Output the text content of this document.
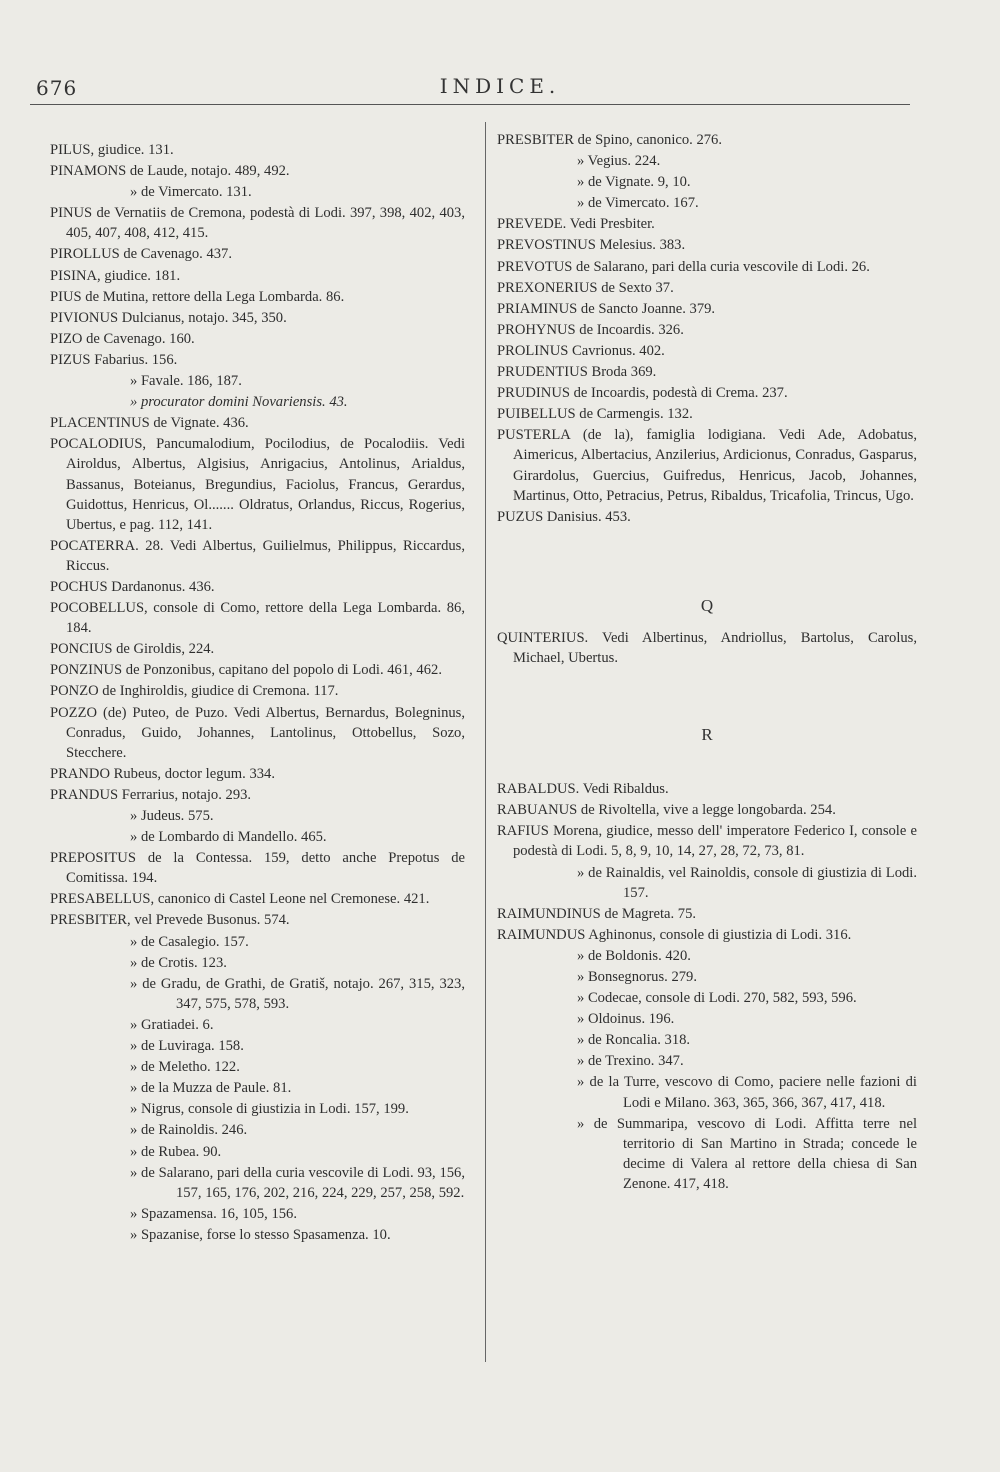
676	INDICE.

PILUS, giudice. 131.

PINAMONS de Laude, notajo. 489, 492.

» de Vimercato. 131.

PINUS de Vernatiis de Cremona, podestà di Lodi. 397, 398, 402, 403, 405, 407, 408, 412, 415.

PIROLLUS de Cavenago. 437.

PISINA, giudice. 181.

PIUS de Mutina, rettore della Lega Lombarda. 86.

PIVIONUS Dulcianus, notajo. 345, 350.

PIZO de Cavenago. 160.

PIZUS Fabarius. 156.

» Favale. 186, 187.

» procurator domini Novariensis. 43.

PLACENTINUS de Vignate. 436.

POCALODIUS, Pancumalodium, Pocilodius, de Pocalodiis. Vedi Airoldus, Albertus, Algisius, Anrigacius, Antolinus, Arialdus, Bassanus, Boteianus, Bregundius, Faciolus, Francus, Gerardus, Guidottus, Henricus, Ol....... Oldratus, Orlandus, Riccus, Rogerius, Ubertus, e pag. 112, 141.

POCATERRA. 28. Vedi Albertus, Guilielmus, Philippus, Riccardus, Riccus.

POCHUS Dardanonus. 436.

POCOBELLUS, console di Como, rettore della Lega Lombarda. 86, 184.

PONCIUS de Giroldis, 224.

PONZINUS de Ponzonibus, capitano del popolo di Lodi. 461, 462.

PONZO de Inghiroldis, giudice di Cremona. 117.

POZZO (de) Puteo, de Puzo. Vedi Albertus, Bernardus, Bolegninus, Conradus, Guido, Johannes, Lantolinus, Ottobellus, Sozo, Stecchere.

PRANDO Rubeus, doctor legum. 334.

PRANDUS Ferrarius, notajo. 293.

» Judeus. 575.

» de Lombardo di Mandello. 465.

PREPOSITUS de la Contessa. 159, detto anche Prepotus de Comitissa. 194.

PRESABELLUS, canonico di Castel Leone nel Cremonese. 421.

PRESBITER, vel Prevede Busonus. 574.

» de Casalegio. 157.

» de Crotis. 123.

» de Gradu, de Grathi, de Gratiš, notajo. 267, 315, 323, 347, 575, 578, 593.

» Gratiadei. 6.

» de Luviraga. 158.

» de Meletho. 122.

» de la Muzza de Paule. 81.

» Nigrus, console di giustizia in Lodi. 157, 199.

» de Rainoldis. 246.

» de Rubea. 90.

» de Salarano, pari della curia vescovile di Lodi. 93, 156, 157, 165, 176, 202, 216, 224, 229, 257, 258, 592.

» Spazamensa. 16, 105, 156.

» Spazanise, forse lo stesso Spasamenza. 10.

PRESBITER de Spino, canonico. 276.

» Vegius. 224.

» de Vignate. 9, 10.

» de Vimercato. 167.

PREVEDE. Vedi Presbiter.

PREVOSTINUS Melesius. 383.

PREVOTUS de Salarano, pari della curia vescovile di Lodi. 26.

PREXONERIUS de Sexto 37.

PRIAMINUS de Sancto Joanne. 379.

PROHYNUS de Incoardis. 326.

PROLINUS Cavrionus. 402.

PRUDENTIUS Broda 369.

PRUDINUS de Incoardis, podestà di Crema. 237.

PUIBELLUS de Carmengis. 132.

PUSTERLA (de la), famiglia lodigiana. Vedi Ade, Adobatus, Aimericus, Albertacius, Anzilerius, Ardicionus, Conradus, Gasparus, Girardolus, Guercius, Guifredus, Henricus, Jacob, Johannes, Martinus, Otto, Petracius, Petrus, Ribaldus, Tricafolia, Trincus, Ugo.

PUZUS Danisius. 453.

Q

QUINTERIUS. Vedi Albertinus, Andriollus, Bartolus, Carolus, Michael, Ubertus.

R

RABALDUS. Vedi Ribaldus.

RABUANUS de Rivoltella, vive a legge longobarda. 254.

RAFIUS Morena, giudice, messo dell' imperatore Federico I, console e podestà di Lodi. 5, 8, 9, 10, 14, 27, 28, 72, 73, 81.

» de Rainaldis, vel Rainoldis, console di giustizia di Lodi. 157.

RAIMUNDINUS de Magreta. 75.

RAIMUNDUS Aghinonus, console di giustizia di Lodi. 316.

» de Boldonis. 420.

» Bonsegnorus. 279.

» Codecae, console di Lodi. 270, 582, 593, 596.

» Oldoinus. 196.

» de Roncalia. 318.

» de Trexino. 347.

» de la Turre, vescovo di Como, paciere nelle fazioni di Lodi e Milano. 363, 365, 366, 367, 417, 418.

» de Summaripa, vescovo di Lodi. Affitta terre nel territorio di San Martino in Strada; concede le decime di Valera al rettore della chiesa di San Zenone. 417, 418.
